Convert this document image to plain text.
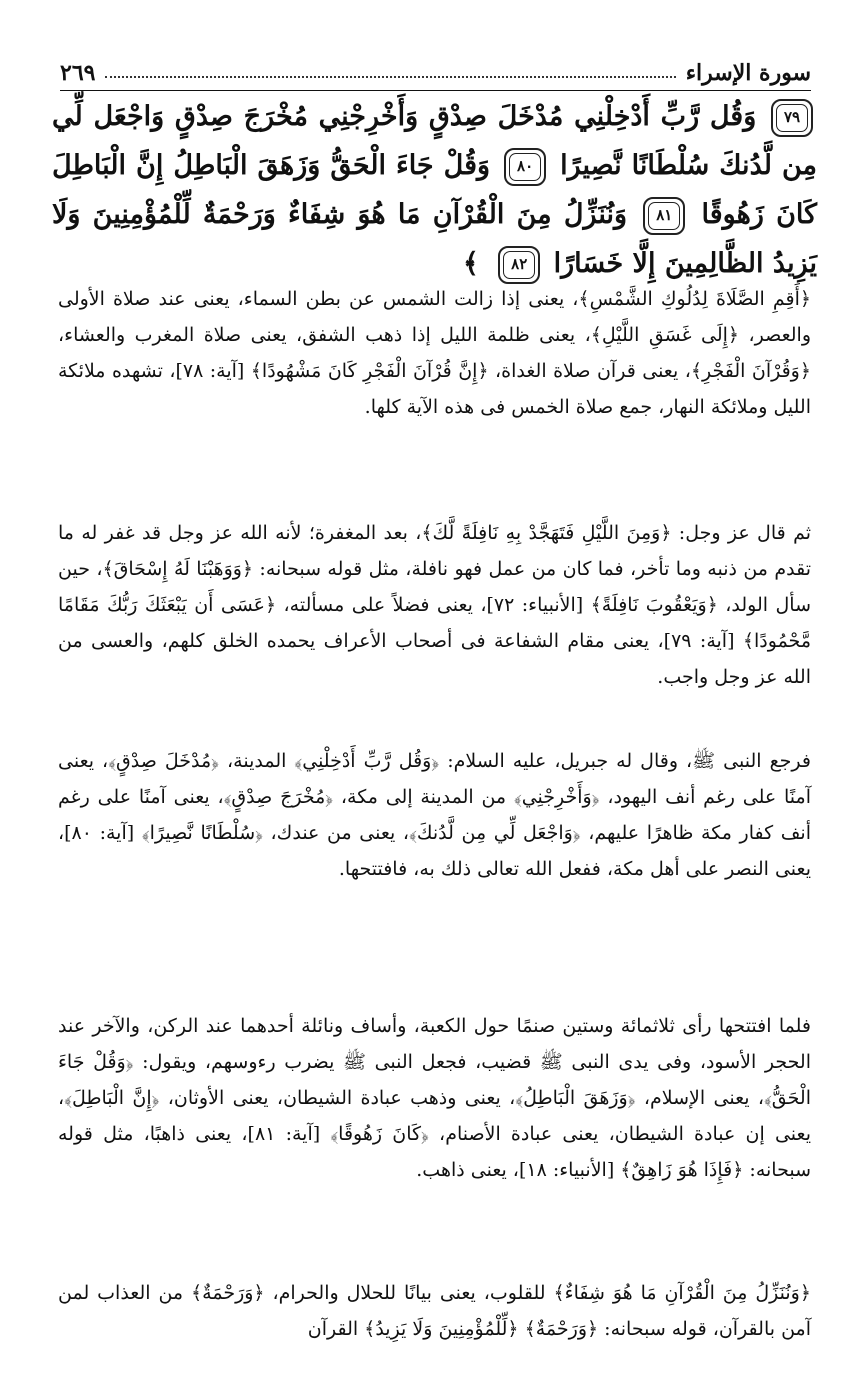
سورة الإسراء
٢٦٩
٧٩ وَقُل رَّبِّ أَدْخِلْنِي مُدْخَلَ صِدْقٍ وَأَخْرِجْنِي مُخْرَجَ صِدْقٍ وَاجْعَل لِّي مِن لَّدُنكَ سُلْطَانًا نَّصِيرًا ٨٠ وَقُلْ جَاءَ الْحَقُّ وَزَهَقَ الْبَاطِلُ إِنَّ الْبَاطِلَ كَانَ زَهُوقًا ٨١ وَنُنَزِّلُ مِنَ الْقُرْآنِ مَا هُوَ شِفَاءٌ وَرَحْمَةٌ لِّلْمُؤْمِنِينَ وَلَا يَزِيدُ الظَّالِمِينَ إِلَّا خَسَارًا ٨٢ ﴾

﴿أَقِمِ الصَّلَاةَ لِدُلُوكِ الشَّمْسِ﴾، يعنى إذا زالت الشمس عن بطن السماء، يعنى عند صلاة الأولى والعصر، ﴿إِلَى غَسَقِ اللَّيْلِ﴾، يعنى ظلمة الليل إذا ذهب الشفق، يعنى صلاة المغرب والعشاء، ﴿وَقُرْآنَ الْفَجْرِ﴾، يعنى قرآن صلاة الغداة، ﴿إِنَّ قُرْآنَ الْفَجْرِ كَانَ مَشْهُودًا﴾ [آية: ٧٨]، تشهده ملائكة الليل وملائكة النهار، جمع صلاة الخمس فى هذه الآية كلها.

ثم قال عز وجل: ﴿وَمِنَ اللَّيْلِ فَتَهَجَّدْ بِهِ نَافِلَةً لَّكَ﴾، بعد المغفرة؛ لأنه الله عز وجل قد غفر له ما تقدم من ذنبه وما تأخر، فما كان من عمل فهو نافلة، مثل قوله سبحانه: ﴿وَوَهَبْنَا لَهُ إِسْحَاقَ﴾، حين سأل الولد، ﴿وَيَعْقُوبَ نَافِلَةً﴾ [الأنبياء: ٧٢]، يعنى فضلاً على مسألته، ﴿عَسَى أَن يَبْعَثَكَ رَبُّكَ مَقَامًا مَّحْمُودًا﴾ [آية: ٧٩]، يعنى مقام الشفاعة فى أصحاب الأعراف يحمده الخلق كلهم، والعسى من الله عز وجل واجب.

فرجع النبى ﷺ، وقال له جبريل، عليه السلام: ﴿وَقُل رَّبِّ أَدْخِلْنِي﴾ المدينة، ﴿مُدْخَلَ صِدْقٍ﴾، يعنى آمنًا على رغم أنف اليهود، ﴿وَأَخْرِجْنِي﴾ من المدينة إلى مكة، ﴿مُخْرَجَ صِدْقٍ﴾، يعنى آمنًا على رغم أنف كفار مكة ظاهرًا عليهم، ﴿وَاجْعَل لِّي مِن لَّدُنكَ﴾، يعنى من عندك، ﴿سُلْطَانًا نَّصِيرًا﴾ [آية: ٨٠]، يعنى النصر على أهل مكة، ففعل الله تعالى ذلك به، فافتتحها.

فلما افتتحها رأى ثلاثمائة وستين صنمًا حول الكعبة، وأساف ونائلة أحدهما عند الركن، والآخر عند الحجر الأسود، وفى يدى النبى ﷺ قضيب، فجعل النبى ﷺ يضرب رءوسهم، ويقول: ﴿وَقُلْ جَاءَ الْحَقُّ﴾، يعنى الإسلام، ﴿وَزَهَقَ الْبَاطِلُ﴾، يعنى وذهب عبادة الشيطان، يعنى الأوثان، ﴿إِنَّ الْبَاطِلَ﴾، يعنى إن عبادة الشيطان، يعنى عبادة الأصنام، ﴿كَانَ زَهُوقًا﴾ [آية: ٨١]، يعنى ذاهبًا، مثل قوله سبحانه: ﴿فَإِذَا هُوَ زَاهِقٌ﴾ [الأنبياء: ١٨]، يعنى ذاهب.

﴿وَنُنَزِّلُ مِنَ الْقُرْآنِ مَا هُوَ شِفَاءٌ﴾ للقلوب، يعنى بيانًا للحلال والحرام، ﴿وَرَحْمَةٌ﴾ من العذاب لمن آمن بالقرآن، قوله سبحانه: ﴿وَرَحْمَةٌ﴾ ﴿لِّلْمُؤْمِنِينَ وَلَا يَزِيدُ﴾ القرآن
